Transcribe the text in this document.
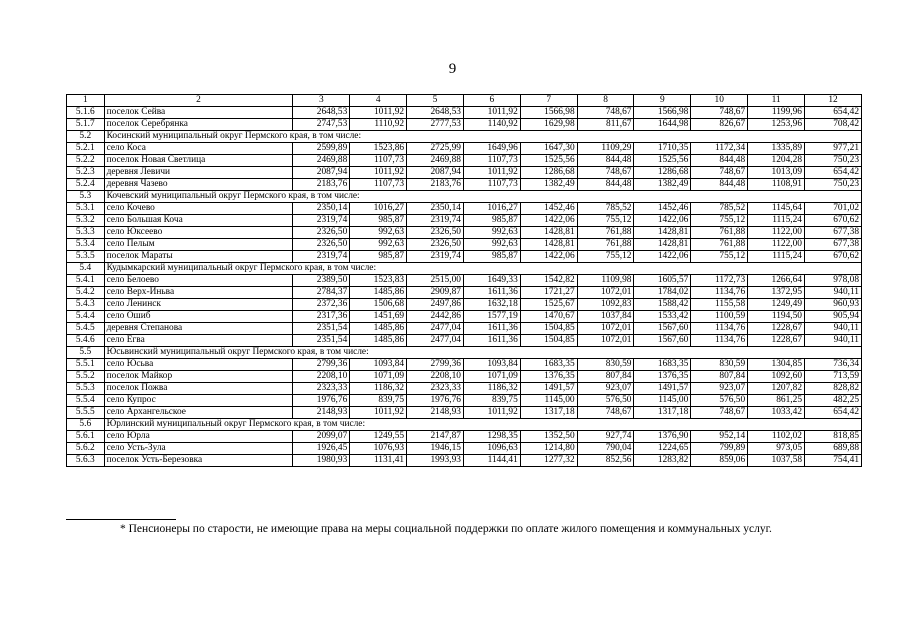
9
1	2	3	4	5	6	7	8	9	10	11	12
5.1.6	поселок Сейва	2648,53	1011,92	2648,53	1011,92	1566,98	748,67	1566,98	748,67	1199,96	654,42
5.1.7	поселок Серебрянка	2747,53	1110,92	2777,53	1140,92	1629,98	811,67	1644,98	826,67	1253,96	708,42
5.2	Косинский муниципальный округ Пермского края, в том числе:										
5.2.1	село Коса	2599,89	1523,86	2725,99	1649,96	1647,30	1109,29	1710,35	1172,34	1335,89	977,21
5.2.2	поселок Новая Светлица	2469,88	1107,73	2469,88	1107,73	1525,56	844,48	1525,56	844,48	1204,28	750,23
5.2.3	деревня Левичи	2087,94	1011,92	2087,94	1011,92	1286,68	748,67	1286,68	748,67	1013,09	654,42
5.2.4	деревня Чазево	2183,76	1107,73	2183,76	1107,73	1382,49	844,48	1382,49	844,48	1108,91	750,23
5.3	Кочевский муниципальный округ Пермского края, в том числе:										
5.3.1	село Кочево	2350,14	1016,27	2350,14	1016,27	1452,46	785,52	1452,46	785,52	1145,64	701,02
5.3.2	село Большая Коча	2319,74	985,87	2319,74	985,87	1422,06	755,12	1422,06	755,12	1115,24	670,62
5.3.3	село Юксеево	2326,50	992,63	2326,50	992,63	1428,81	761,88	1428,81	761,88	1122,00	677,38
5.3.4	село Пелым	2326,50	992,63	2326,50	992,63	1428,81	761,88	1428,81	761,88	1122,00	677,38
5.3.5	поселок Мараты	2319,74	985,87	2319,74	985,87	1422,06	755,12	1422,06	755,12	1115,24	670,62
5.4	Кудымкарский муниципальный округ Пермского края, в том числе:										
5.4.1	село Белоево	2389,50	1523,83	2515,00	1649,33	1542,82	1109,98	1605,57	1172,73	1266,64	978,08
5.4.2	село Верх-Иньва	2784,37	1485,86	2909,87	1611,36	1721,27	1072,01	1784,02	1134,76	1372,95	940,11
5.4.3	село Ленинск	2372,36	1506,68	2497,86	1632,18	1525,67	1092,83	1588,42	1155,58	1249,49	960,93
5.4.4	село Ошиб	2317,36	1451,69	2442,86	1577,19	1470,67	1037,84	1533,42	1100,59	1194,50	905,94
5.4.5	деревня Степанова	2351,54	1485,86	2477,04	1611,36	1504,85	1072,01	1567,60	1134,76	1228,67	940,11
5.4.6	село Егва	2351,54	1485,86	2477,04	1611,36	1504,85	1072,01	1567,60	1134,76	1228,67	940,11
5.5	Юсьвинский муниципальный округ Пермского края, в том числе:										
5.5.1	село Юсьва	2799,36	1093,84	2799,36	1093,84	1683,35	830,59	1683,35	830,59	1304,85	736,34
5.5.2	поселок Майкор	2208,10	1071,09	2208,10	1071,09	1376,35	807,84	1376,35	807,84	1092,60	713,59
5.5.3	поселок Пожва	2323,33	1186,32	2323,33	1186,32	1491,57	923,07	1491,57	923,07	1207,82	828,82
5.5.4	село Купрос	1976,76	839,75	1976,76	839,75	1145,00	576,50	1145,00	576,50	861,25	482,25
5.5.5	село Архангельское	2148,93	1011,92	2148,93	1011,92	1317,18	748,67	1317,18	748,67	1033,42	654,42
5.6	Юрлинский муниципальный округ Пермского края, в том числе:										
5.6.1	село Юрла	2099,07	1249,55	2147,87	1298,35	1352,50	927,74	1376,90	952,14	1102,02	818,85
5.6.2	село Усть-Зула	1926,45	1076,93	1946,15	1096,63	1214,80	790,04	1224,65	799,89	973,05	689,88
5.6.3	поселок Усть-Березовка	1980,93	1131,41	1993,93	1144,41	1277,32	852,56	1283,82	859,06	1037,58	754,41
* Пенсионеры по старости, не имеющие права на меры социальной поддержки по оплате жилого помещения и коммунальных услуг.
